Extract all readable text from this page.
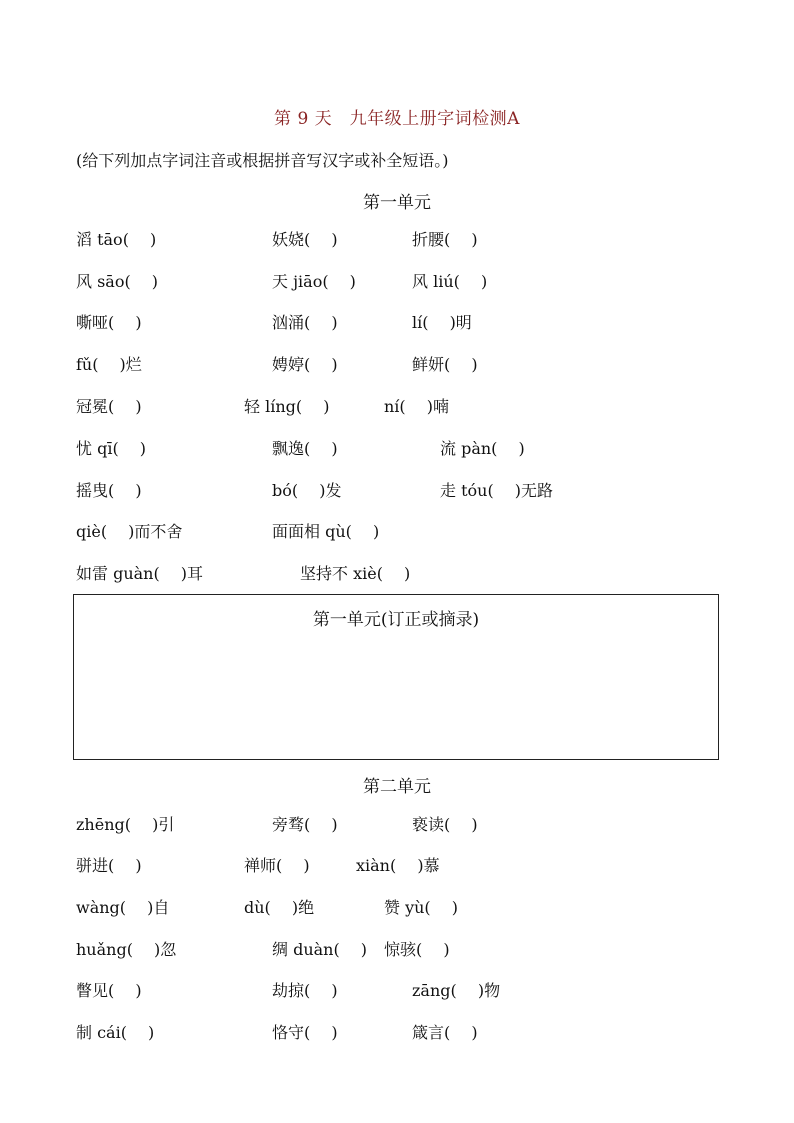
第 9 天　九年级上册字词检测A
(给下列加点字词注音或根据拼音写汉字或补全短语。)
第一单元
滔 tāo(　 )	妖娆(　 )	折腰(　 )
风 sāo(　 )	天 jiāo(　 )	风 liú(　 )
嘶哑(　 )	汹涌(　 )	lí(　 )明
fǔ(　 )烂	娉婷(　 )	鲜妍(　 )
冠冕(　 )	轻 líng(　 )	ní(　 )喃
忧 qī(　 )	飘逸(　 )	流 pàn(　 )
摇曳(　 )	bó(　 )发	走 tóu(　 )无路
qiè(　 )而不舍	面面相 qù(　 )
如雷 guàn(　 )耳	坚持不 xiè(　 )
第一单元(订正或摘录)
第二单元
zhēng(　 )引	旁骛(　 )	亵读(　 )
骈进(　 )	禅师(　 )	xiàn(　 )慕
wàng(　 )自	dù(　 )绝	赞 yù(　 )
huǎng(　 )忽	绸 duàn(　 ) 惊骇(　 )
瞥见(　 )	劫掠(　 )	zāng(　 )物
制 cái(　 )	恪守(　 )	箴言(　 )
